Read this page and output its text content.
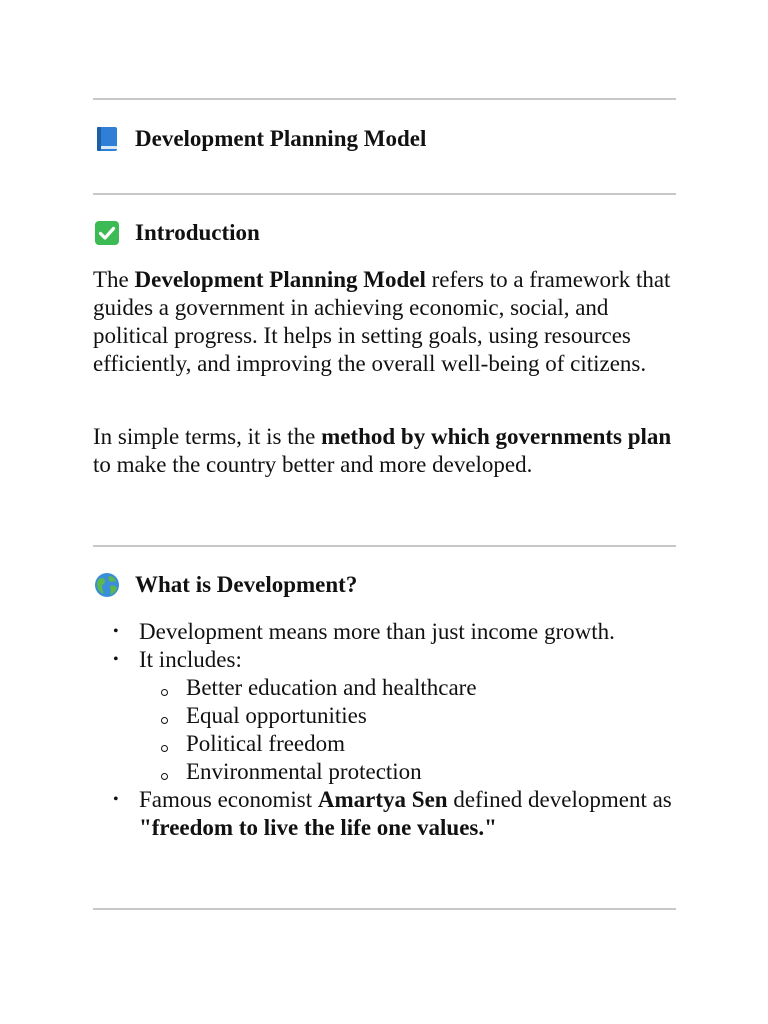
Development Planning Model
Introduction

The Development Planning Model refers to a framework that guides a government in achieving economic, social, and political progress. It helps in setting goals, using resources efficiently, and improving the overall well-being of citizens.

In simple terms, it is the method by which governments plan to make the country better and more developed.

What is Development?
• Development means more than just income growth.
• It includes:
Better education and healthcare
Equal opportunities
Political freedom
Environmental protection
• Famous economist Amartya Sen defined development as "freedom to live the life one values."
